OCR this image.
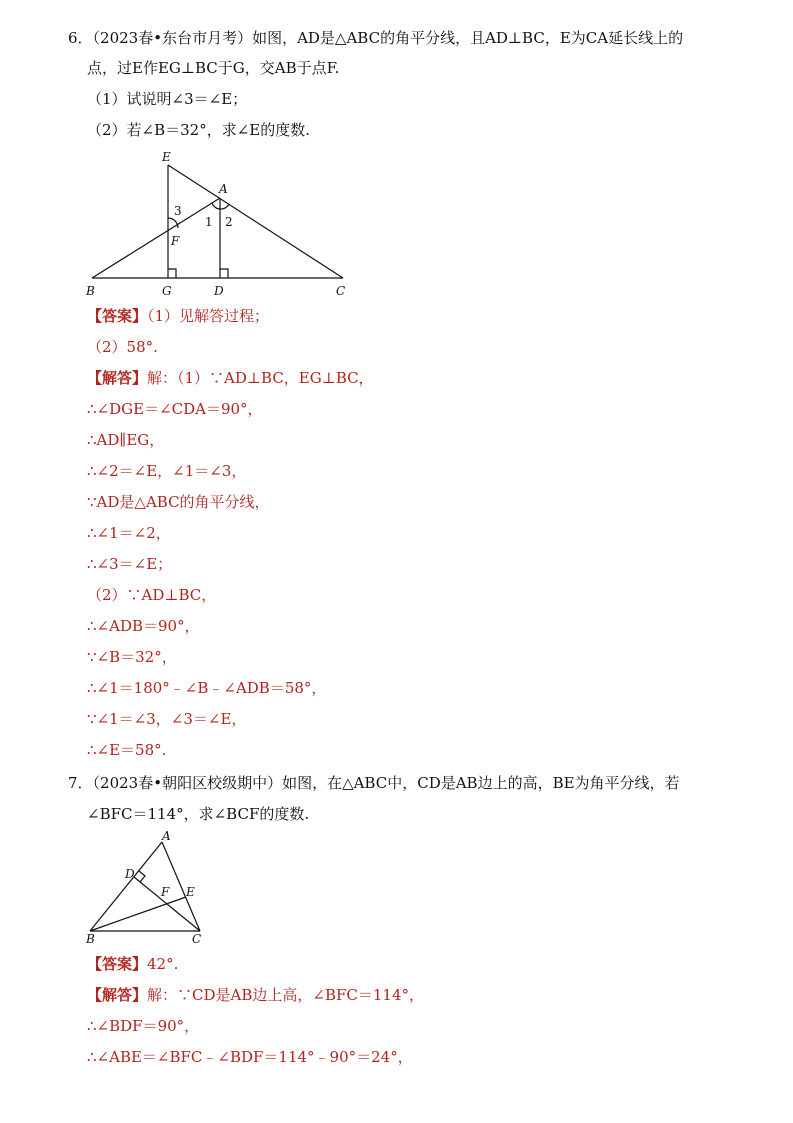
6．（2023春•东台市月考）如图，AD是△ABC的角平分线，且AD⊥BC，E为CA延长线上的
点，过E作EG⊥BC于G，交AB于点F.
（1）试说明∠3＝∠E；
（2）若∠B＝32°，求∠E的度数.
E
A
F
B	G	D	C
3
1 2
【答案】（1）见解答过程；
（2）58°.
【解答】解：（1）∵AD⊥BC，EG⊥BC，
∴∠DGE＝∠CDA＝90°，
∴AD∥EG，
∴∠2＝∠E，∠1＝∠3，
∵AD是△ABC的角平分线，
∴∠1＝∠2，
∴∠3＝∠E；
（2）∵AD⊥BC，
∴∠ADB＝90°，
∵∠B＝32°，
∴∠1＝180°﹣∠B﹣∠ADB＝58°，
∵∠1＝∠3，∠3＝∠E，
∴∠E＝58°.
7．（2023春•朝阳区校级期中）如图，在△ABC中，CD是AB边上的高，BE为角平分线，若
∠BFC＝114°，求∠BCF的度数.
A
D
F E
B	C
【答案】42°.
【解答】解：∵CD是AB边上高，∠BFC＝114°，
∴∠BDF＝90°，
∴∠ABE＝∠BFC﹣∠BDF＝114°﹣90°＝24°，
